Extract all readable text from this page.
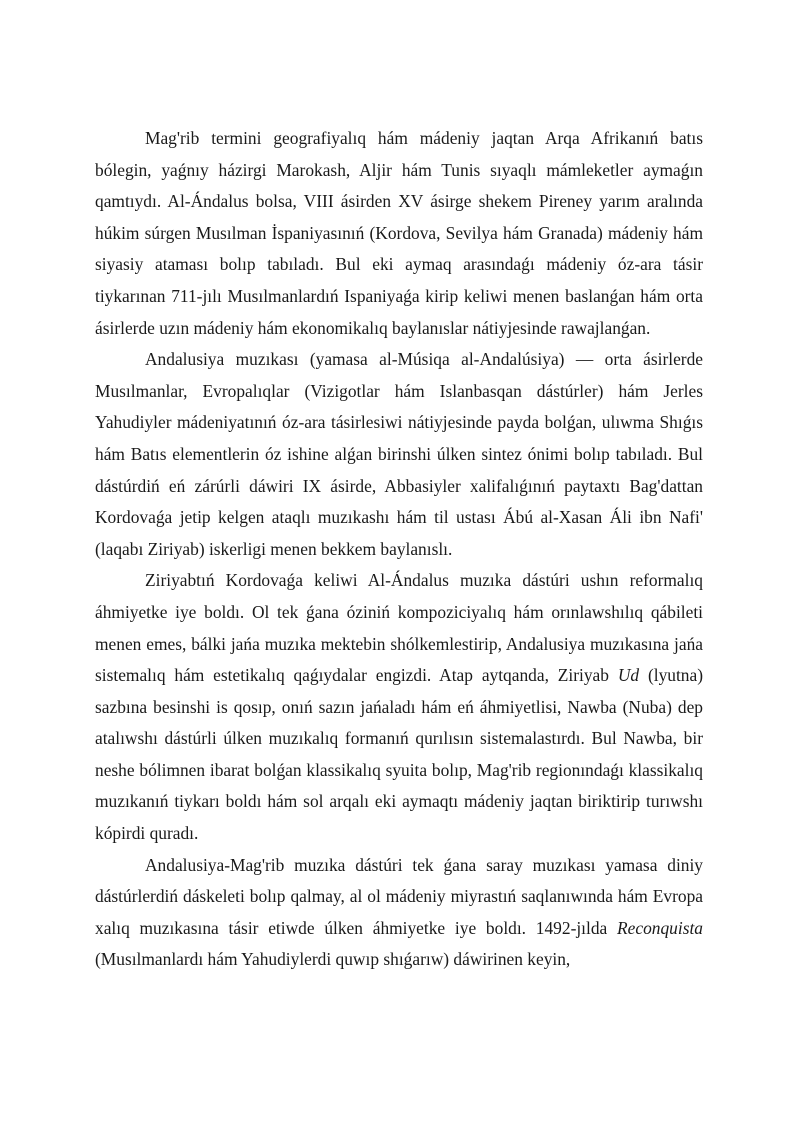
Mag'rib termini geografiyalıq hám mádeniy jaqtan Arqa Afrikanıń batıs bólegin, yaǵnıy házirgi Marokash, Aljir hám Tunis sıyaqlı mámleketler aymaǵın qamtıydı. Al-Ándalus bolsa, VIII ásirden XV ásirge shekem Pireney yarım aralında húkim súrgen Musılman İspaniyasınıń (Kordova, Sevilya hám Granada) mádeniy hám siyasiy ataması bolıp tabıladı. Bul eki aymaq arasındaǵı mádeniy óz-ara tásir tiykarınan 711-jılı Musılmanlardıń Ispaniyaǵa kirip keliwi menen baslanǵan hám orta ásirlerde uzın mádeniy hám ekonomikalıq baylanıslar nátiyjesinde rawajlanǵan.

Andalusiya muzıkası (yamasa al-Músiqa al-Andalúsiya) — orta ásirlerde Musılmanlar, Evropalıqlar (Vizigotlar hám Islanbasqan dástúrler) hám Jerles Yahudiyler mádeniyatınıń óz-ara tásirlesiwi nátiyjesinde payda bolǵan, ulıwma Shıǵıs hám Batıs elementlerin óz ishine alǵan birinshi úlken sintez ónimi bolıp tabıladı. Bul dástúrdiń eń zárúrli dáwiri IX ásirde, Abbasiyler xalifalıǵınıń paytaxtı Bag'dattan Kordovaǵa jetip kelgen ataqlı muzıkashı hám til ustası Ábú al-Xasan Áli ibn Nafi' (laqabı Ziriyab) iskerligi menen bekkem baylanıslı.

Ziriyabtıń Kordovaǵa keliwi Al-Ándalus muzıka dástúri ushın reformalıq áhmiyetke iye boldı. Ol tek ǵana óziniń kompoziciyalıq hám orınlawshılıq qábileti menen emes, bálki jańa muzıka mektebin shólkemlestirip, Andalusiya muzıkasına jańa sistemalıq hám estetikalıq qaǵıydalar engizdi. Atap aytqanda, Ziriyab Ud (lyutna) sazbına besinshi is qosıp, onıń sazın jańaladı hám eń áhmiyetlisi, Nawba (Nuba) dep atalıwshı dástúrli úlken muzıkalıq formanıń qurılısın sistemalastırdı. Bul Nawba, bir neshe bólimnen ibarat bolǵan klassikalıq syuita bolıp, Mag'rib regionındaǵı klassikalıq muzıkanıń tiykarı boldı hám sol arqalı eki aymaqtı mádeniy jaqtan biriktirip turıwshı kópirdi quradı.

Andalusiya-Mag'rib muzıka dástúri tek ǵana saray muzıkası yamasa diniy dástúrlerdiń dáskeleti bolıp qalmay, al ol mádeniy miyrastıń saqlanıwında hám Evropa xalıq muzıkasına tásir etiwde úlken áhmiyetke iye boldı. 1492-jılda Reconquista (Musılmanlardı hám Yahudiylerdi quwıp shıǵarıw) dáwirinen keyin,
